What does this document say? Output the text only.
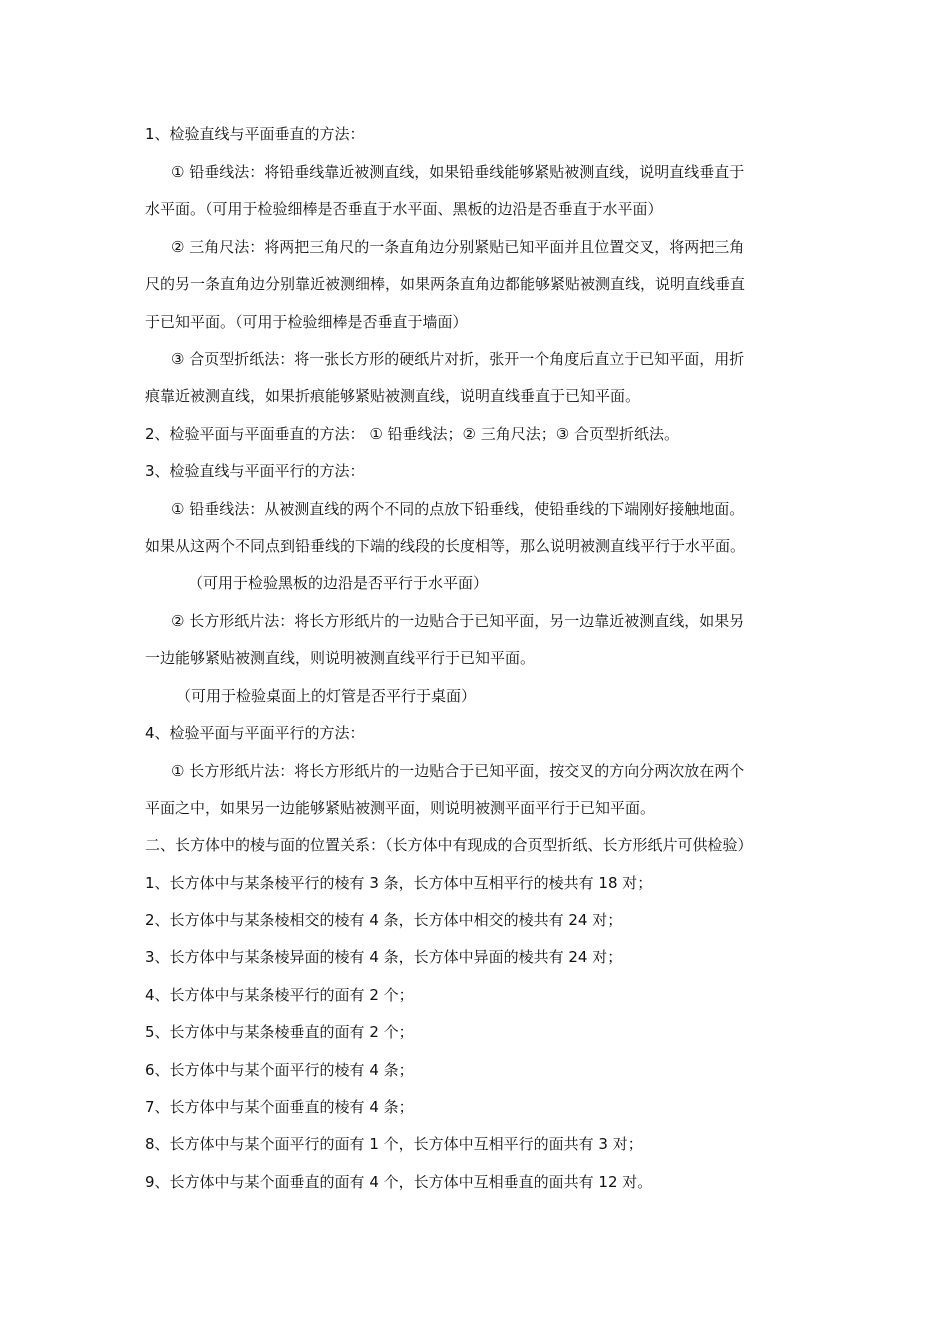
1、检验直线与平面垂直的方法：
① 铅垂线法：将铅垂线靠近被测直线，如果铅垂线能够紧贴被测直线，说明直线垂直于
水平面。（可用于检验细棒是否垂直于水平面、黑板的边沿是否垂直于水平面）
② 三角尺法：将两把三角尺的一条直角边分别紧贴已知平面并且位置交叉，将两把三角
尺的另一条直角边分别靠近被测细棒，如果两条直角边都能够紧贴被测直线，说明直线垂直
于已知平面。（可用于检验细棒是否垂直于墙面）
③ 合页型折纸法：将一张长方形的硬纸片对折，张开一个角度后直立于已知平面，用折
痕靠近被测直线，如果折痕能够紧贴被测直线，说明直线垂直于已知平面。
2、检验平面与平面垂直的方法： ① 铅垂线法；② 三角尺法；③ 合页型折纸法。
3、检验直线与平面平行的方法：
① 铅垂线法：从被测直线的两个不同的点放下铅垂线，使铅垂线的下端刚好接触地面。
如果从这两个不同点到铅垂线的下端的线段的长度相等，那么说明被测直线平行于水平面。
（可用于检验黑板的边沿是否平行于水平面）
② 长方形纸片法：将长方形纸片的一边贴合于已知平面，另一边靠近被测直线，如果另
一边能够紧贴被测直线，则说明被测直线平行于已知平面。
（可用于检验桌面上的灯管是否平行于桌面）
4、检验平面与平面平行的方法：
① 长方形纸片法：将长方形纸片的一边贴合于已知平面，按交叉的方向分两次放在两个
平面之中，如果另一边能够紧贴被测平面，则说明被测平面平行于已知平面。
二、长方体中的棱与面的位置关系：（长方体中有现成的合页型折纸、长方形纸片可供检验）
1、长方体中与某条棱平行的棱有 3 条，长方体中互相平行的棱共有 18 对；
2、长方体中与某条棱相交的棱有 4 条，长方体中相交的棱共有 24 对；
3、长方体中与某条棱异面的棱有 4 条，长方体中异面的棱共有 24 对；
4、长方体中与某条棱平行的面有 2 个；
5、长方体中与某条棱垂直的面有 2 个；
6、长方体中与某个面平行的棱有 4 条；
7、长方体中与某个面垂直的棱有 4 条；
8、长方体中与某个面平行的面有 1 个，长方体中互相平行的面共有 3 对；
9、长方体中与某个面垂直的面有 4 个，长方体中互相垂直的面共有 12 对。
